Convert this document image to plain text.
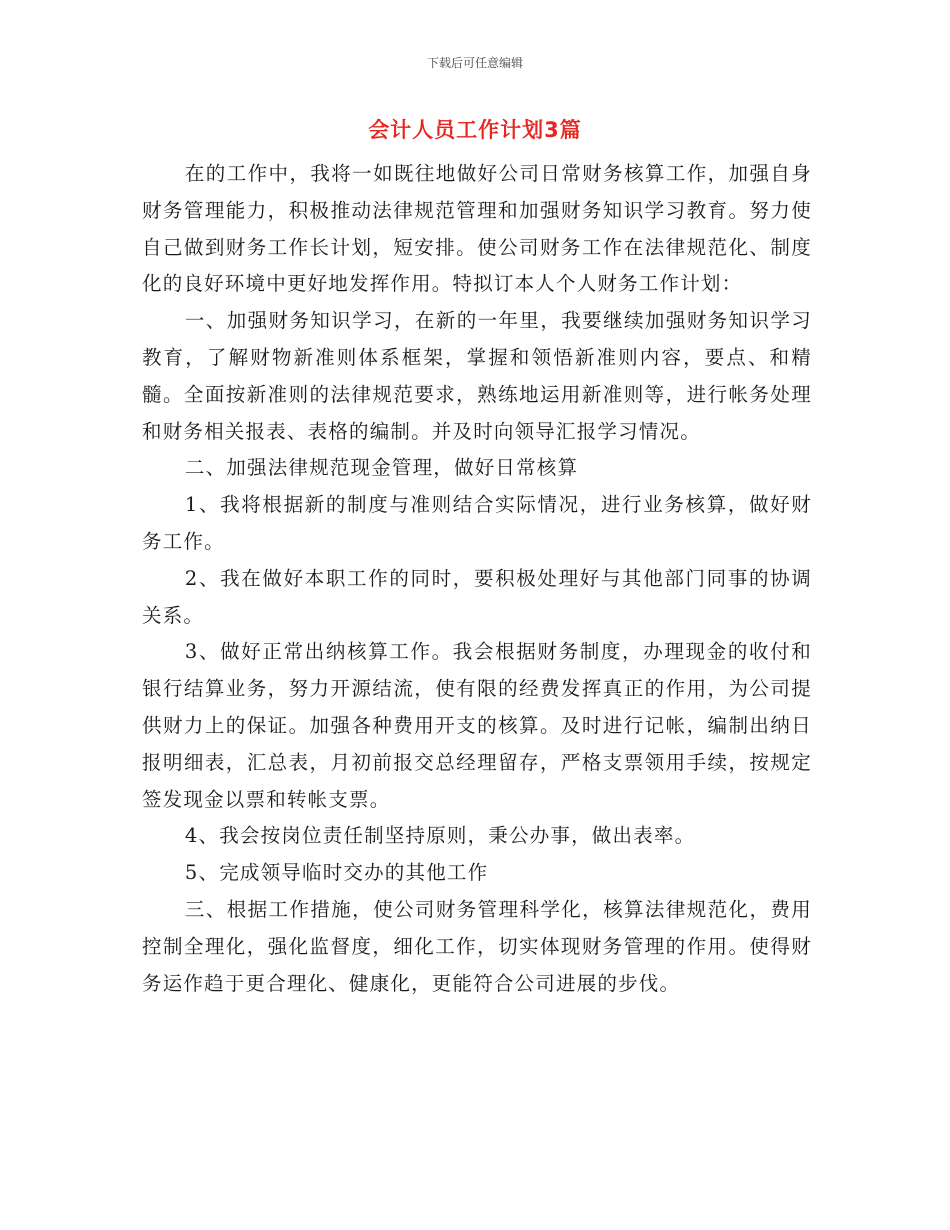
下载后可任意编辑
会计人员工作计划3篇

在的工作中，我将一如既往地做好公司日常财务核算工作，加强自身财务管理能力，积极推动法律规范管理和加强财务知识学习教育。努力使自己做到财务工作长计划，短安排。使公司财务工作在法律规范化、制度化的良好环境中更好地发挥作用。特拟订本人个人财务工作计划：

一、加强财务知识学习，在新的一年里，我要继续加强财务知识学习教育，了解财物新准则体系框架，掌握和领悟新准则内容，要点、和精髓。全面按新准则的法律规范要求，熟练地运用新准则等，进行帐务处理和财务相关报表、表格的编制。并及时向领导汇报学习情况。

二、加强法律规范现金管理，做好日常核算

1、我将根据新的制度与准则结合实际情况，进行业务核算，做好财务工作。

2、我在做好本职工作的同时，要积极处理好与其他部门同事的协调关系。

3、做好正常出纳核算工作。我会根据财务制度，办理现金的收付和银行结算业务，努力开源结流，使有限的经费发挥真正的作用，为公司提供财力上的保证。加强各种费用开支的核算。及时进行记帐，编制出纳日报明细表，汇总表，月初前报交总经理留存，严格支票领用手续，按规定签发现金以票和转帐支票。

4、我会按岗位责任制坚持原则，秉公办事，做出表率。

5、完成领导临时交办的其他工作

三、根据工作措施，使公司财务管理科学化，核算法律规范化，费用控制全理化，强化监督度，细化工作，切实体现财务管理的作用。使得财务运作趋于更合理化、健康化，更能符合公司进展的步伐。
